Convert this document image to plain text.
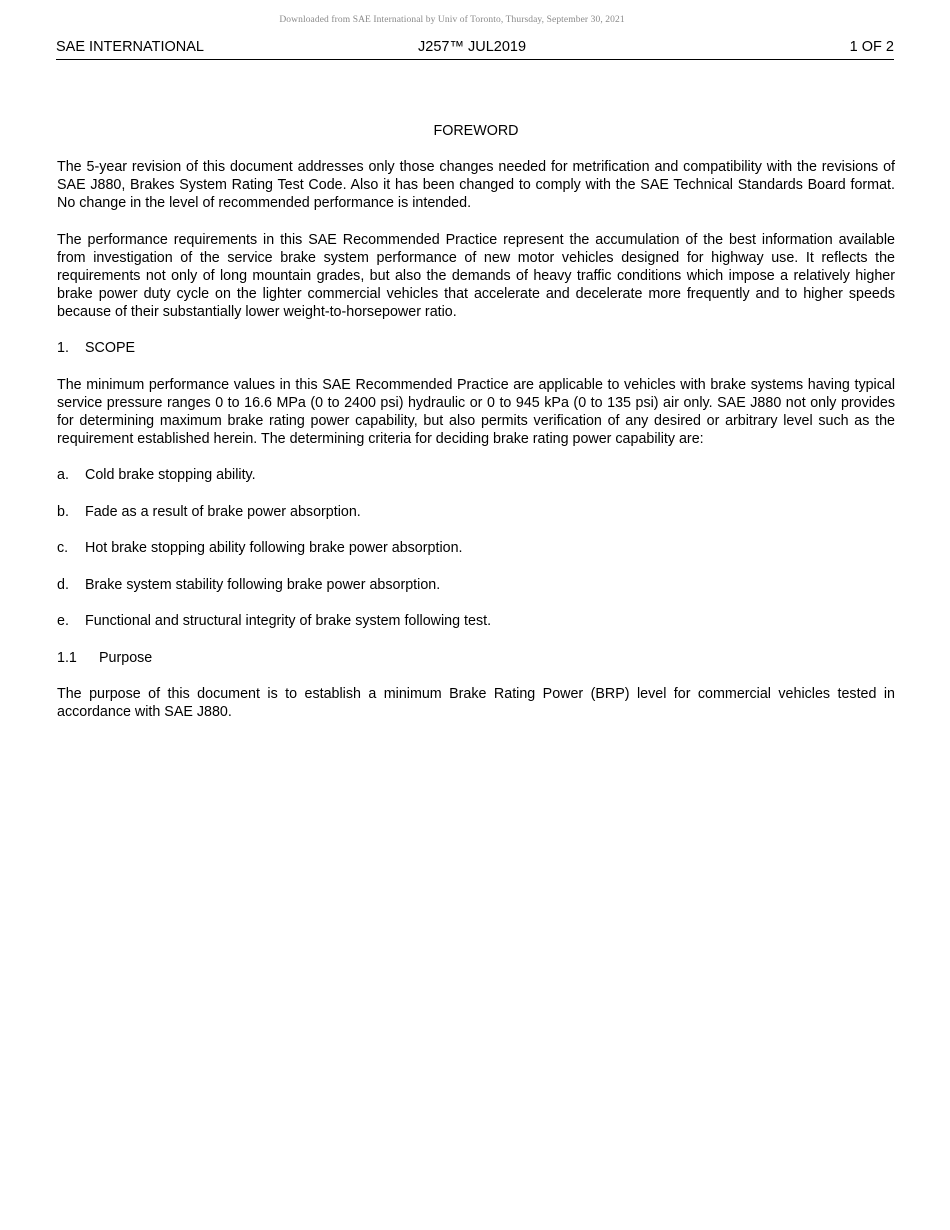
Downloaded from SAE International by Univ of Toronto, Thursday, September 30, 2021
SAE INTERNATIONAL	J257™ JUL2019	1 OF 2
FOREWORD

The 5-year revision of this document addresses only those changes needed for metrification and compatibility with the revisions of SAE J880, Brakes System Rating Test Code. Also it has been changed to comply with the SAE Technical Standards Board format. No change in the level of recommended performance is intended.

The performance requirements in this SAE Recommended Practice represent the accumulation of the best information available from investigation of the service brake system performance of new motor vehicles designed for highway use. It reflects the requirements not only of long mountain grades, but also the demands of heavy traffic conditions which impose a relatively higher brake power duty cycle on the lighter commercial vehicles that accelerate and decelerate more frequently and to higher speeds because of their substantially lower weight-to-horsepower ratio.

1. SCOPE

The minimum performance values in this SAE Recommended Practice are applicable to vehicles with brake systems having typical service pressure ranges 0 to 16.6 MPa (0 to 2400 psi) hydraulic or 0 to 945 kPa (0 to 135 psi) air only. SAE J880 not only provides for determining maximum brake rating power capability, but also permits verification of any desired or arbitrary level such as the requirement established herein. The determining criteria for deciding brake rating power capability are:

a. Cold brake stopping ability.
b. Fade as a result of brake power absorption.
c. Hot brake stopping ability following brake power absorption.
d. Brake system stability following brake power absorption.
e. Functional and structural integrity of brake system following test.
1.1 Purpose

The purpose of this document is to establish a minimum Brake Rating Power (BRP) level for commercial vehicles tested in accordance with SAE J880.
